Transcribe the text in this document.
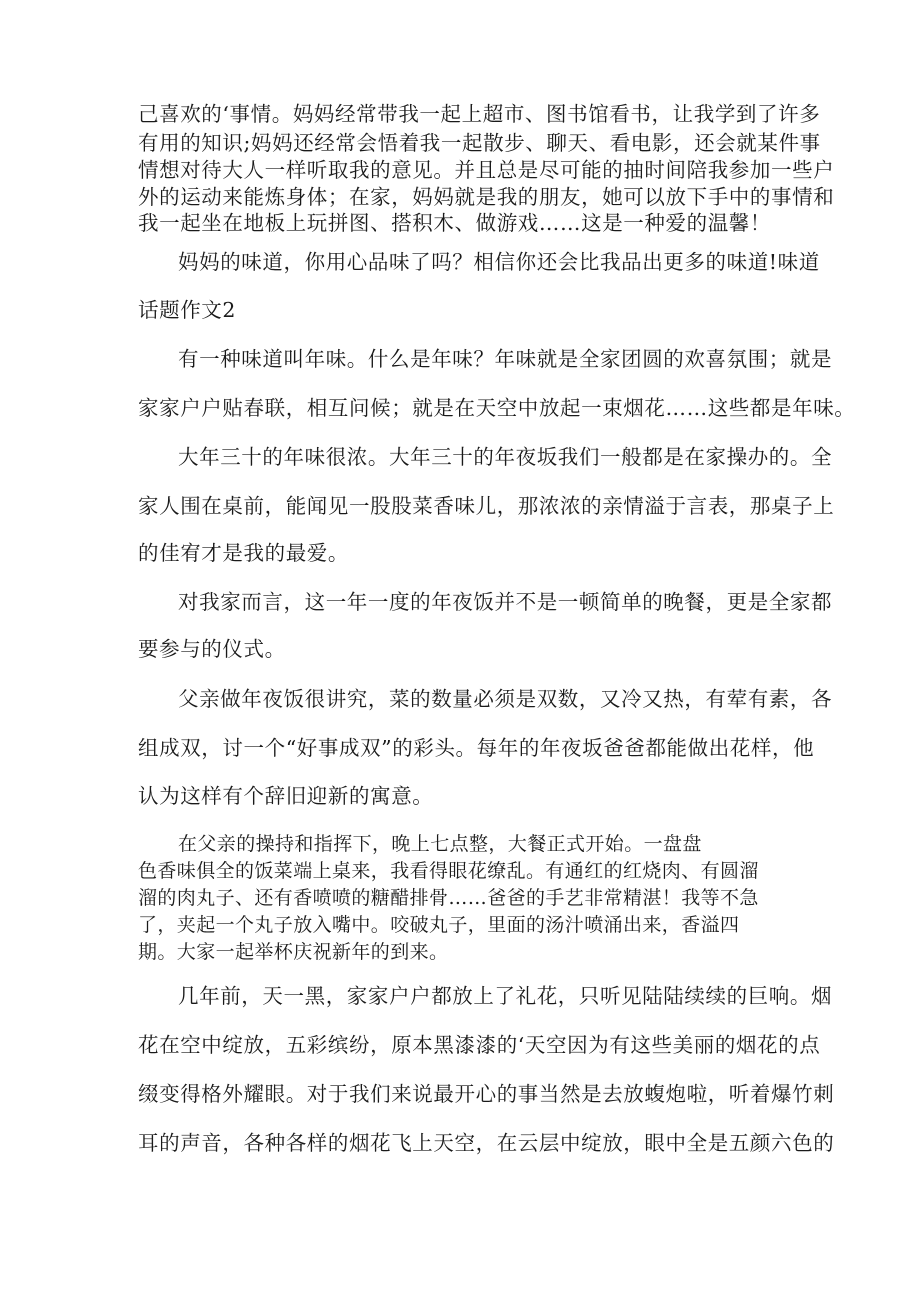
己喜欢的‘事情。妈妈经常带我一起上超市、图书馆看书，让我学到了许多
有用的知识;妈妈还经常会悟着我一起散步、聊天、看电影，还会就某件事
情想对待大人一样听取我的意见。并且总是尽可能的抽时间陪我参加一些户
外的运动来能炼身体；在家，妈妈就是我的朋友，她可以放下手中的事情和
我一起坐在地板上玩拼图、搭积木、做游戏……这是一种爱的温馨！
妈妈的味道，你用心品味了吗？相信你还会比我品出更多的味道!味道
话题作文2
有一种味道叫年味。什么是年味？年味就是全家团圆的欢喜氛围；就是
家家户户贴春联，相互问候；就是在天空中放起一束烟花……这些都是年味。
大年三十的年味很浓。大年三十的年夜坂我们一般都是在家操办的。全
家人围在桌前，能闻见一股股菜香味儿，那浓浓的亲情溢于言表，那桌子上
的佳宥才是我的最爱。
对我家而言，这一年一度的年夜饭并不是一顿简单的晚餐，更是全家都
要参与的仪式。
父亲做年夜饭很讲究，菜的数量必须是双数，又冷又热，有荤有素，各
组成双，讨一个“好事成双”的彩头。每年的年夜坂爸爸都能做出花样，他
认为这样有个辞旧迎新的寓意。
在父亲的操持和指挥下，晚上七点整，大餐正式开始。一盘盘
色香味俱全的饭菜端上桌来，我看得眼花缭乱。有通红的红烧肉、有圆溜
溜的肉丸子、还有香喷喷的糖醋排骨……爸爸的手艺非常精湛！我等不急
了，夹起一个丸子放入嘴中。咬破丸子，里面的汤汁喷涌出来，香溢四
期。大家一起举杯庆祝新年的到来。
几年前，天一黑，家家户户都放上了礼花，只听见陆陆续续的巨响。烟
花在空中绽放，五彩缤纷，原本黑漆漆的‘天空因为有这些美丽的烟花的点
缀变得格外耀眼。对于我们来说最开心的事当然是去放蝮炮啦，听着爆竹刺
耳的声音，各种各样的烟花飞上天空，在云层中绽放，眼中全是五颜六色的
